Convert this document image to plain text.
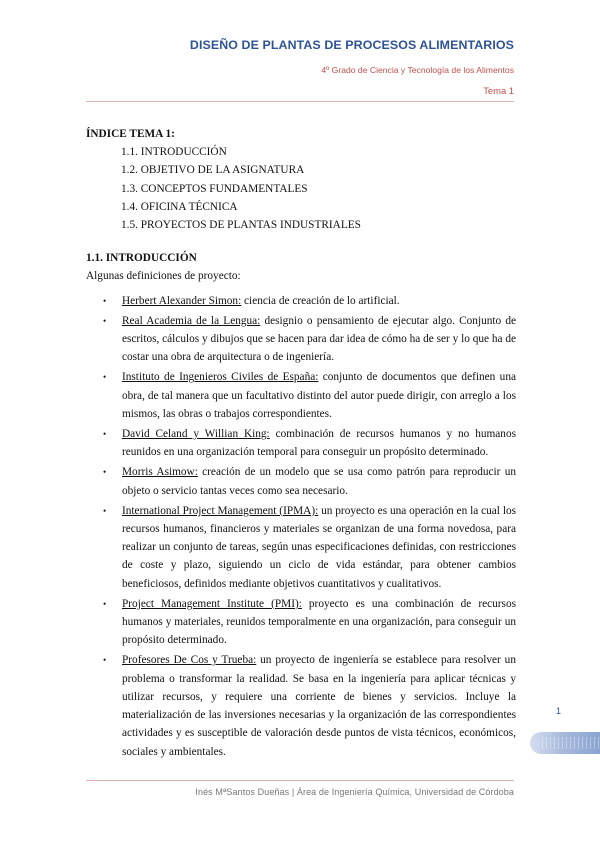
DISEÑO DE PLANTAS DE PROCESOS ALIMENTARIOS
4º Grado de Ciencia y Tecnología de los Alimentos
Tema 1

ÍNDICE TEMA 1:

1.1. INTRODUCCIÓN
1.2. OBJETIVO DE LA ASIGNATURA
1.3. CONCEPTOS FUNDAMENTALES
1.4. OFICINA TÉCNICA
1.5. PROYECTOS DE PLANTAS INDUSTRIALES

1.1. INTRODUCCIÓN

Algunas definiciones de proyecto:

• Herbert Alexander Simon: ciencia de creación de lo artificial.
• Real Academia de la Lengua: designio o pensamiento de ejecutar algo. Conjunto de escritos, cálculos y dibujos que se hacen para dar idea de cómo ha de ser y lo que ha de costar una obra de arquitectura o de ingeniería.
• Instituto de Ingenieros Civiles de España: conjunto de documentos que definen una obra, de tal manera que un facultativo distinto del autor puede dirigir, con arreglo a los mismos, las obras o trabajos correspondientes.
• David Celand y Willian King: combinación de recursos humanos y no humanos reunidos en una organización temporal para conseguir un propósito determinado.
• Morris Asimow: creación de un modelo que se usa como patrón para reproducir un objeto o servicio tantas veces como sea necesario.
• International Project Management (IPMA): un proyecto es una operación en la cual los recursos humanos, financieros y materiales se organizan de una forma novedosa, para realizar un conjunto de tareas, según unas especificaciones definidas, con restricciones de coste y plazo, siguiendo un ciclo de vida estándar, para obtener cambios beneficiosos, definidos mediante objetivos cuantitativos y cualitativos.
• Project Management Institute (PMI): proyecto es una combinación de recursos humanos y materiales, reunidos temporalmente en una organización, para conseguir un propósito determinado.
• Profesores De Cos y Trueba: un proyecto de ingeniería se establece para resolver un problema o transformar la realidad. Se basa en la ingeniería para aplicar técnicas y utilizar recursos, y requiere una corriente de bienes y servicios. Incluye la materialización de las inversiones necesarias y la organización de las correspondientes actividades y es susceptible de valoración desde puntos de vista técnicos, económicos, sociales y ambientales.
1
Inés MªSantos Dueñas | Área de Ingeniería Química, Universidad de Córdoba
